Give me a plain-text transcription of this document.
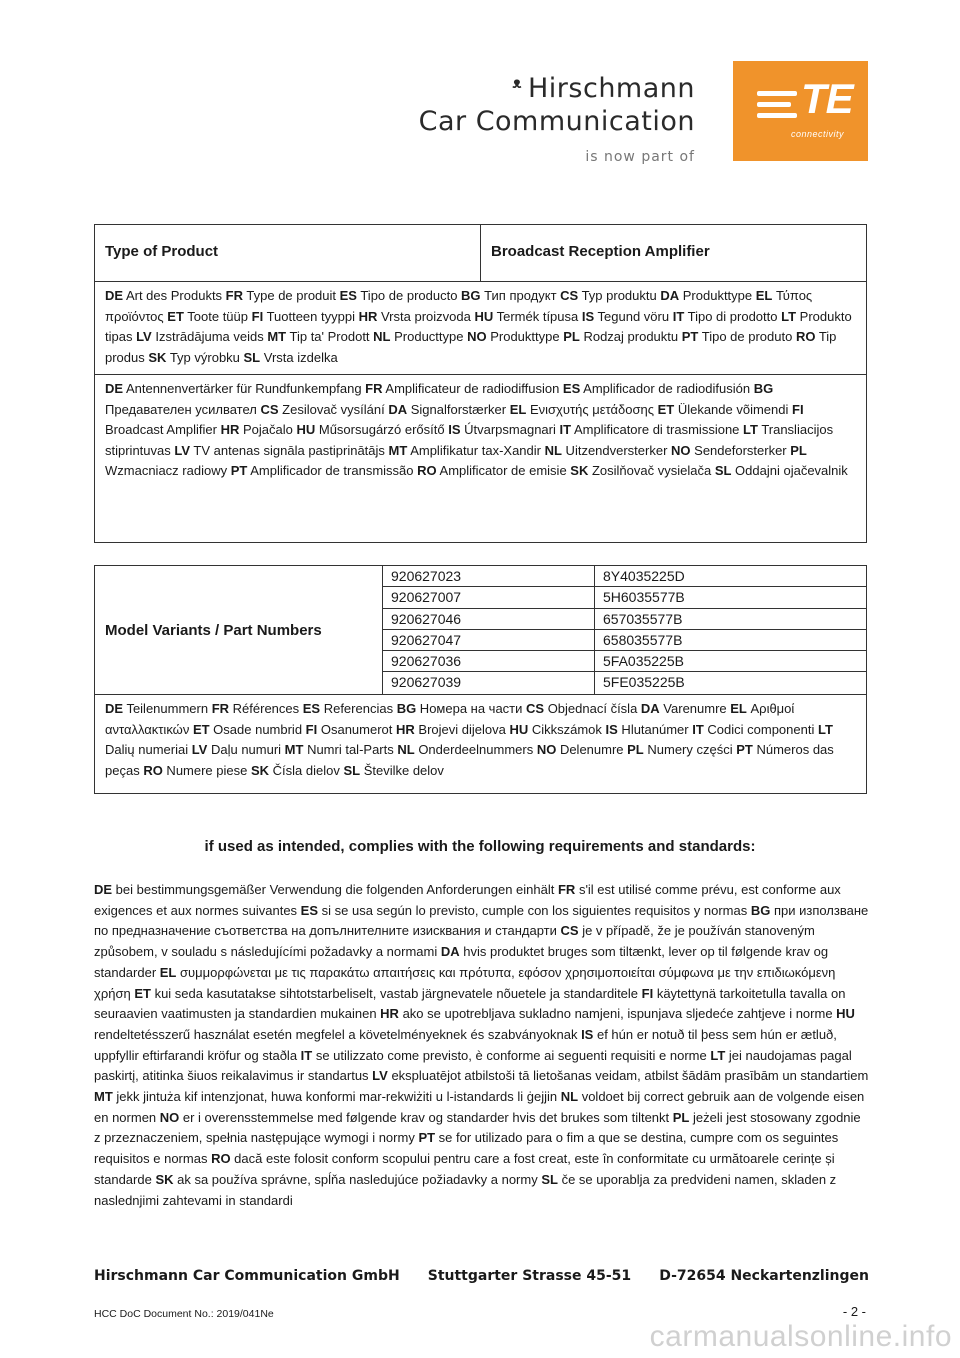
ᵜ Hirschmann
Car Communication
is now part of
TE
connectivity
Type of Product	Broadcast Reception Amplifier
DE Art des Produkts FR Type de produit ES Tipo de producto BG Тип продукт CS Typ produktu DA Produkttype EL Τύπος προϊόντος ET Toote tüüp FI Tuotteen tyyppi HR Vrsta proizvoda HU Termék típusa IS Tegund vöru IT Tipo di prodotto LT Produkto tipas LV Izstrādājuma veids MT Tip ta' Prodott NL Producttype NO Produkttype PL Rodzaj produktu PT Tipo de produto RO Tip produs SK Typ výrobku SL Vrsta izdelka
DE Antennenvertärker für Rundfunkempfang FR Amplificateur de radiodiffusion ES Amplificador de radiodifusión BG Предавателен усилвател CS Zesilovač vysílání DA Signalforstærker EL Ενισχυτής μετάδοσης ET Ülekande võimendi FI Broadcast Amplifier HR Pojačalo HU Műsorsugárzó erősítő IS Útvarpsmagnari IT Amplificatore di trasmissione LT Transliacijos stiprintuvas LV TV antenas signāla pastiprinātājs MT Amplifikatur tax-Xandir NL Uitzendversterker NO Sendeforsterker PL Wzmacniacz radiowy PT Amplificador de transmissão RO Amplificator de emisie SK Zosilňovač vysielača SL Oddajni ojačevalnik
Model Variants / Part Numbers
920627023
920627007
920627046
920627047
920627036
920627039
8Y4035225D
5H6035577B
657035577B
658035577B
5FA035225B
5FE035225B
DE Teilenummern FR Références ES Referencias BG Номера на части CS Objednací čísla DA Varenumre EL Αριθμοί ανταλλακτικών ET Osade numbrid FI Osanumerot HR Brojevi dijelova HU Cikkszámok IS Hlutanúmer IT Codici componenti LT Dalių numeriai LV Daļu numuri MT Numri tal-Parts NL Onderdeelnummers NO Delenumre PL Numery części PT Números das peças RO Numere piese SK Čísla dielov SL Številke delov
if used as intended, complies with the following requirements and standards:
DE bei bestimmungsgemäßer Verwendung die folgenden Anforderungen einhält FR s'il est utilisé comme prévu, est conforme aux exigences et aux normes suivantes ES si se usa según lo previsto, cumple con los siguientes requisitos y normas BG при използване по предназначение съответства на допълнителните изисквания и стандарти CS je v případě, že je používán stanoveným způsobem, v souladu s následujícími požadavky a normami DA hvis produktet bruges som tiltænkt, lever op til følgende krav og standarder EL συμμορφώνεται με τις παρακάτω απαιτήσεις και πρότυπα, εφόσον χρησιμοποιείται σύμφωνα με την επιδιωκόμενη χρήση ET kui seda kasutatakse sihtotstarbeliselt, vastab järgnevatele nõuetele ja standarditele FI käytettynä tarkoitetulla tavalla on seuraavien vaatimusten ja standardien mukainen HR ako se upotrebljava sukladno namjeni, ispunjava sljedeće zahtjeve i norme HU rendeltetésszerű használat esetén megfelel a követelményeknek és szabványoknak IS ef hún er notuð til þess sem hún er ætluð, uppfyllir eftirfarandi kröfur og staðla IT se utilizzato come previsto, è conforme ai seguenti requisiti e norme LT jei naudojamas pagal paskirtį, atitinka šiuos reikalavimus ir standartus LV ekspluatējot atbilstoši tā lietošanas veidam, atbilst šādām prasībām un standartiem MT jekk jintuża kif intenzjonat, huwa konformi mar-rekwiżiti u l-istandards li ġejjin NL voldoet bij correct gebruik aan de volgende eisen en normen NO er i overensstemmelse med følgende krav og standarder hvis det brukes som tiltenkt PL jeżeli jest stosowany zgodnie z przeznaczeniem, spełnia następujące wymogi i normy PT se for utilizado para o fim a que se destina, cumpre com os seguintes requisitos e normas RO dacă este folosit conform scopului pentru care a fost creat, este în conformitate cu următoarele cerințe și standarde SK ak sa používa správne, spĺňa nasledujúce požiadavky a normy SL če se uporablja za predvideni namen, skladen z naslednjimi zahtevami in standardi
Hirschmann Car Communication GmbH Stuttgarter Strasse 45-51 D-72654 Neckartenzlingen
HCC DoC Document No.: 2019/041Ne	- 2 -
carmanualsonline.info
